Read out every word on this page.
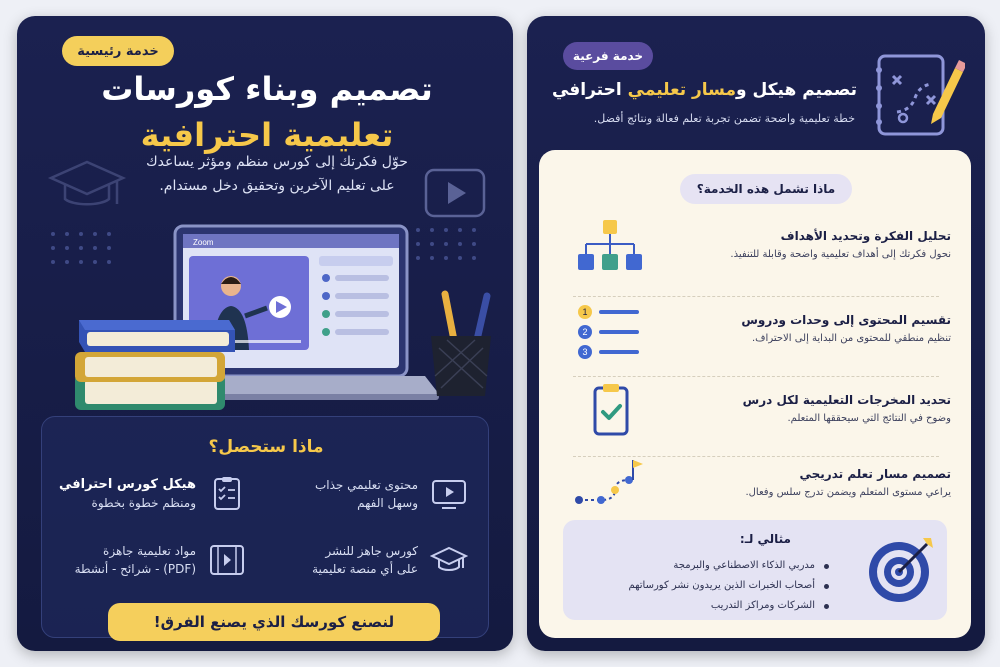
خدمة رئيسية
تصميم وبناء كورسات
تعليمية احترافية

حوّل فكرتك إلى كورس منظم ومؤثر يساعدك
على تعليم الآخرين وتحقيق دخل مستدام.

Zoom
ماذا ستحصل؟
هيكل كورس احترافي
ومنظم خطوة بخطوة
محتوى تعليمي جذاب
وسهل الفهم
مواد تعليمية جاهزة
(PDF) - شرائح - أنشطة
كورس جاهز للنشر
على أي منصة تعليمية
لنصنع كورسك الذي يصنع الفرق!
خدمة فرعية
تصميم هيكل ومسار تعليمي احترافي

خطة تعليمية واضحة تضمن تجربة تعلم فعالة ونتائج أفضل.

ماذا تشمل هذه الخدمة؟
تحليل الفكرة وتحديد الأهداف
نحول فكرتك إلى أهداف تعليمية واضحة وقابلة للتنفيذ.
1
2
3
تقسيم المحتوى إلى وحدات ودروس
تنظيم منطقي للمحتوى من البداية إلى الاحتراف.
تحديد المخرجات التعليمية لكل درس
وضوح في النتائج التي سيحققها المتعلم.
تصميم مسار تعلم تدريجي
يراعي مستوى المتعلم ويضمن تدرج سلس وفعال.
مثالي لـ:
مدربي الذكاء الاصطناعي والبرمجة
أصحاب الخبرات الذين يريدون نشر كورساتهم
الشركات ومراكز التدريب
